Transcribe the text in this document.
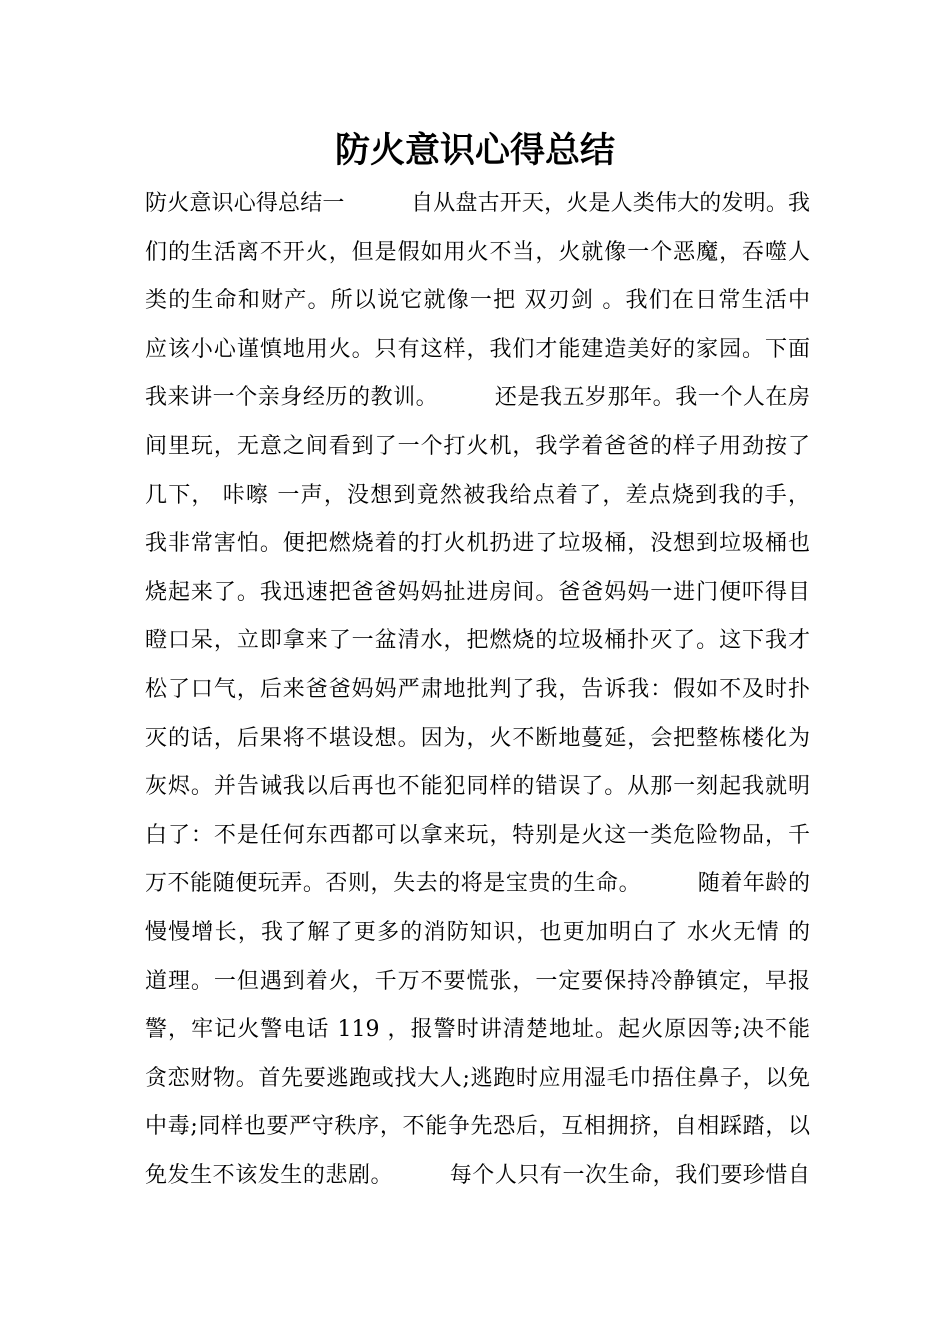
防火意识心得总结
防火意识心得总结一　　　自从盘古开天，火是人类伟大的发明。我
们的生活离不开火，但是假如用火不当，火就像一个恶魔，吞噬人
类的生命和财产。所以说它就像一把 双刃剑 。我们在日常生活中
应该小心谨慎地用火。只有这样，我们才能建造美好的家园。下面
我来讲一个亲身经历的教训。　　　还是我五岁那年。我一个人在房
间里玩，无意之间看到了一个打火机，我学着爸爸的样子用劲按了
几下， 咔嚓 一声，没想到竟然被我给点着了，差点烧到我的手，
我非常害怕。便把燃烧着的打火机扔进了垃圾桶，没想到垃圾桶也
烧起来了。我迅速把爸爸妈妈扯进房间。爸爸妈妈一进门便吓得目
瞪口呆，立即拿来了一盆清水，把燃烧的垃圾桶扑灭了。这下我才
松了口气，后来爸爸妈妈严肃地批判了我，告诉我：假如不及时扑
灭的话，后果将不堪设想。因为，火不断地蔓延，会把整栋楼化为
灰烬。并告诫我以后再也不能犯同样的错误了。从那一刻起我就明
白了：不是任何东西都可以拿来玩，特别是火这一类危险物品，千
万不能随便玩弄。否则，失去的将是宝贵的生命。　　　随着年龄的
慢慢增长，我了解了更多的消防知识，也更加明白了 水火无情 的
道理。一但遇到着火，千万不要慌张，一定要保持冷静镇定，早报
警，牢记火警电话 119 ，报警时讲清楚地址。起火原因等;决不能
贪恋财物。首先要逃跑或找大人;逃跑时应用湿毛巾捂住鼻子，以免
中毒;同样也要严守秩序，不能争先恐后，互相拥挤，自相踩踏，以
免发生不该发生的悲剧。　　　每个人只有一次生命，我们要珍惜自
